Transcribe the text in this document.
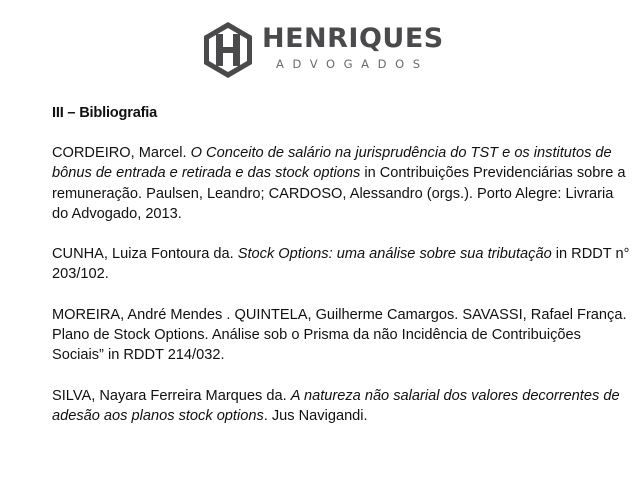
HENRIQUES
ADVOGADOS
III – Bibliografia
CORDEIRO, Marcel. O Conceito de salário na jurisprudência do TST e os institutos de bônus de entrada e retirada e das stock options in Contribuições Previdenciárias sobre a remuneração. Paulsen, Leandro; CARDOSO, Alessandro (orgs.). Porto Alegre: Livraria do Advogado, 2013.
CUNHA, Luiza Fontoura da. Stock Options: uma análise sobre sua tributação in RDDT n° 203/102.
MOREIRA, André Mendes . QUINTELA, Guilherme Camargos. SAVASSI, Rafael França. Plano de Stock Options. Análise sob o Prisma da não Incidência de Contribuições Sociais” in RDDT 214/032.
SILVA, Nayara Ferreira Marques da. A natureza não salarial dos valores decorrentes de adesão aos planos stock options. Jus Navigandi.
